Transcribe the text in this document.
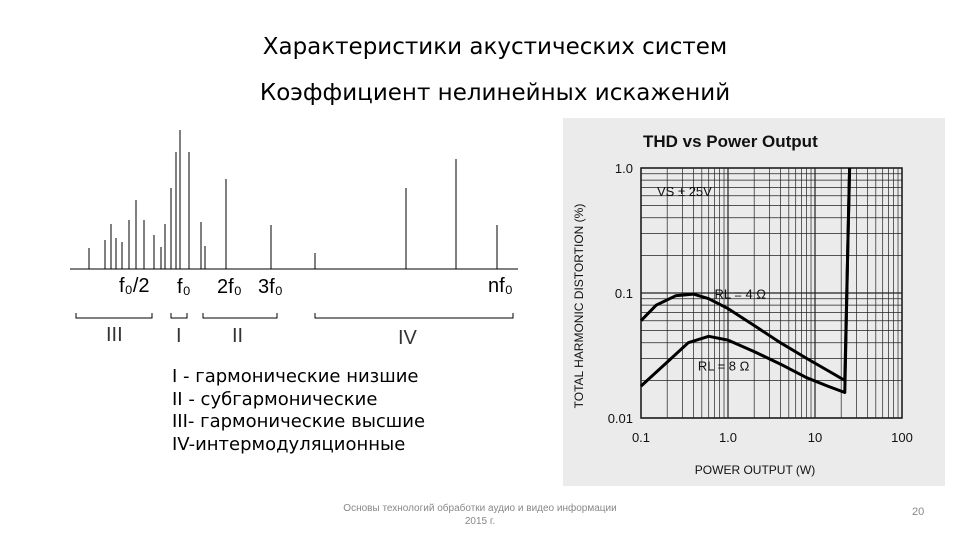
Характеристики акустических систем
Коэффициент нелинейных искажений
f₀/2 f₀ 2f₀ 3f₀	nf₀
III	I	II	IV
THD vs Power Output
0.1	1.0	10	100
1.0
0.1
0.01
POWER OUTPUT (W)
TOTAL HARMONIC DISTORTION (%)
VS ± 25V
RL = 4 Ω
RL = 8 Ω
I - гармонические низшие
II - субгармонические
III- гармонические высшие
IV-интермодуляционные
Основы технологий обработки аудио и видео информации
2015 г.
20
